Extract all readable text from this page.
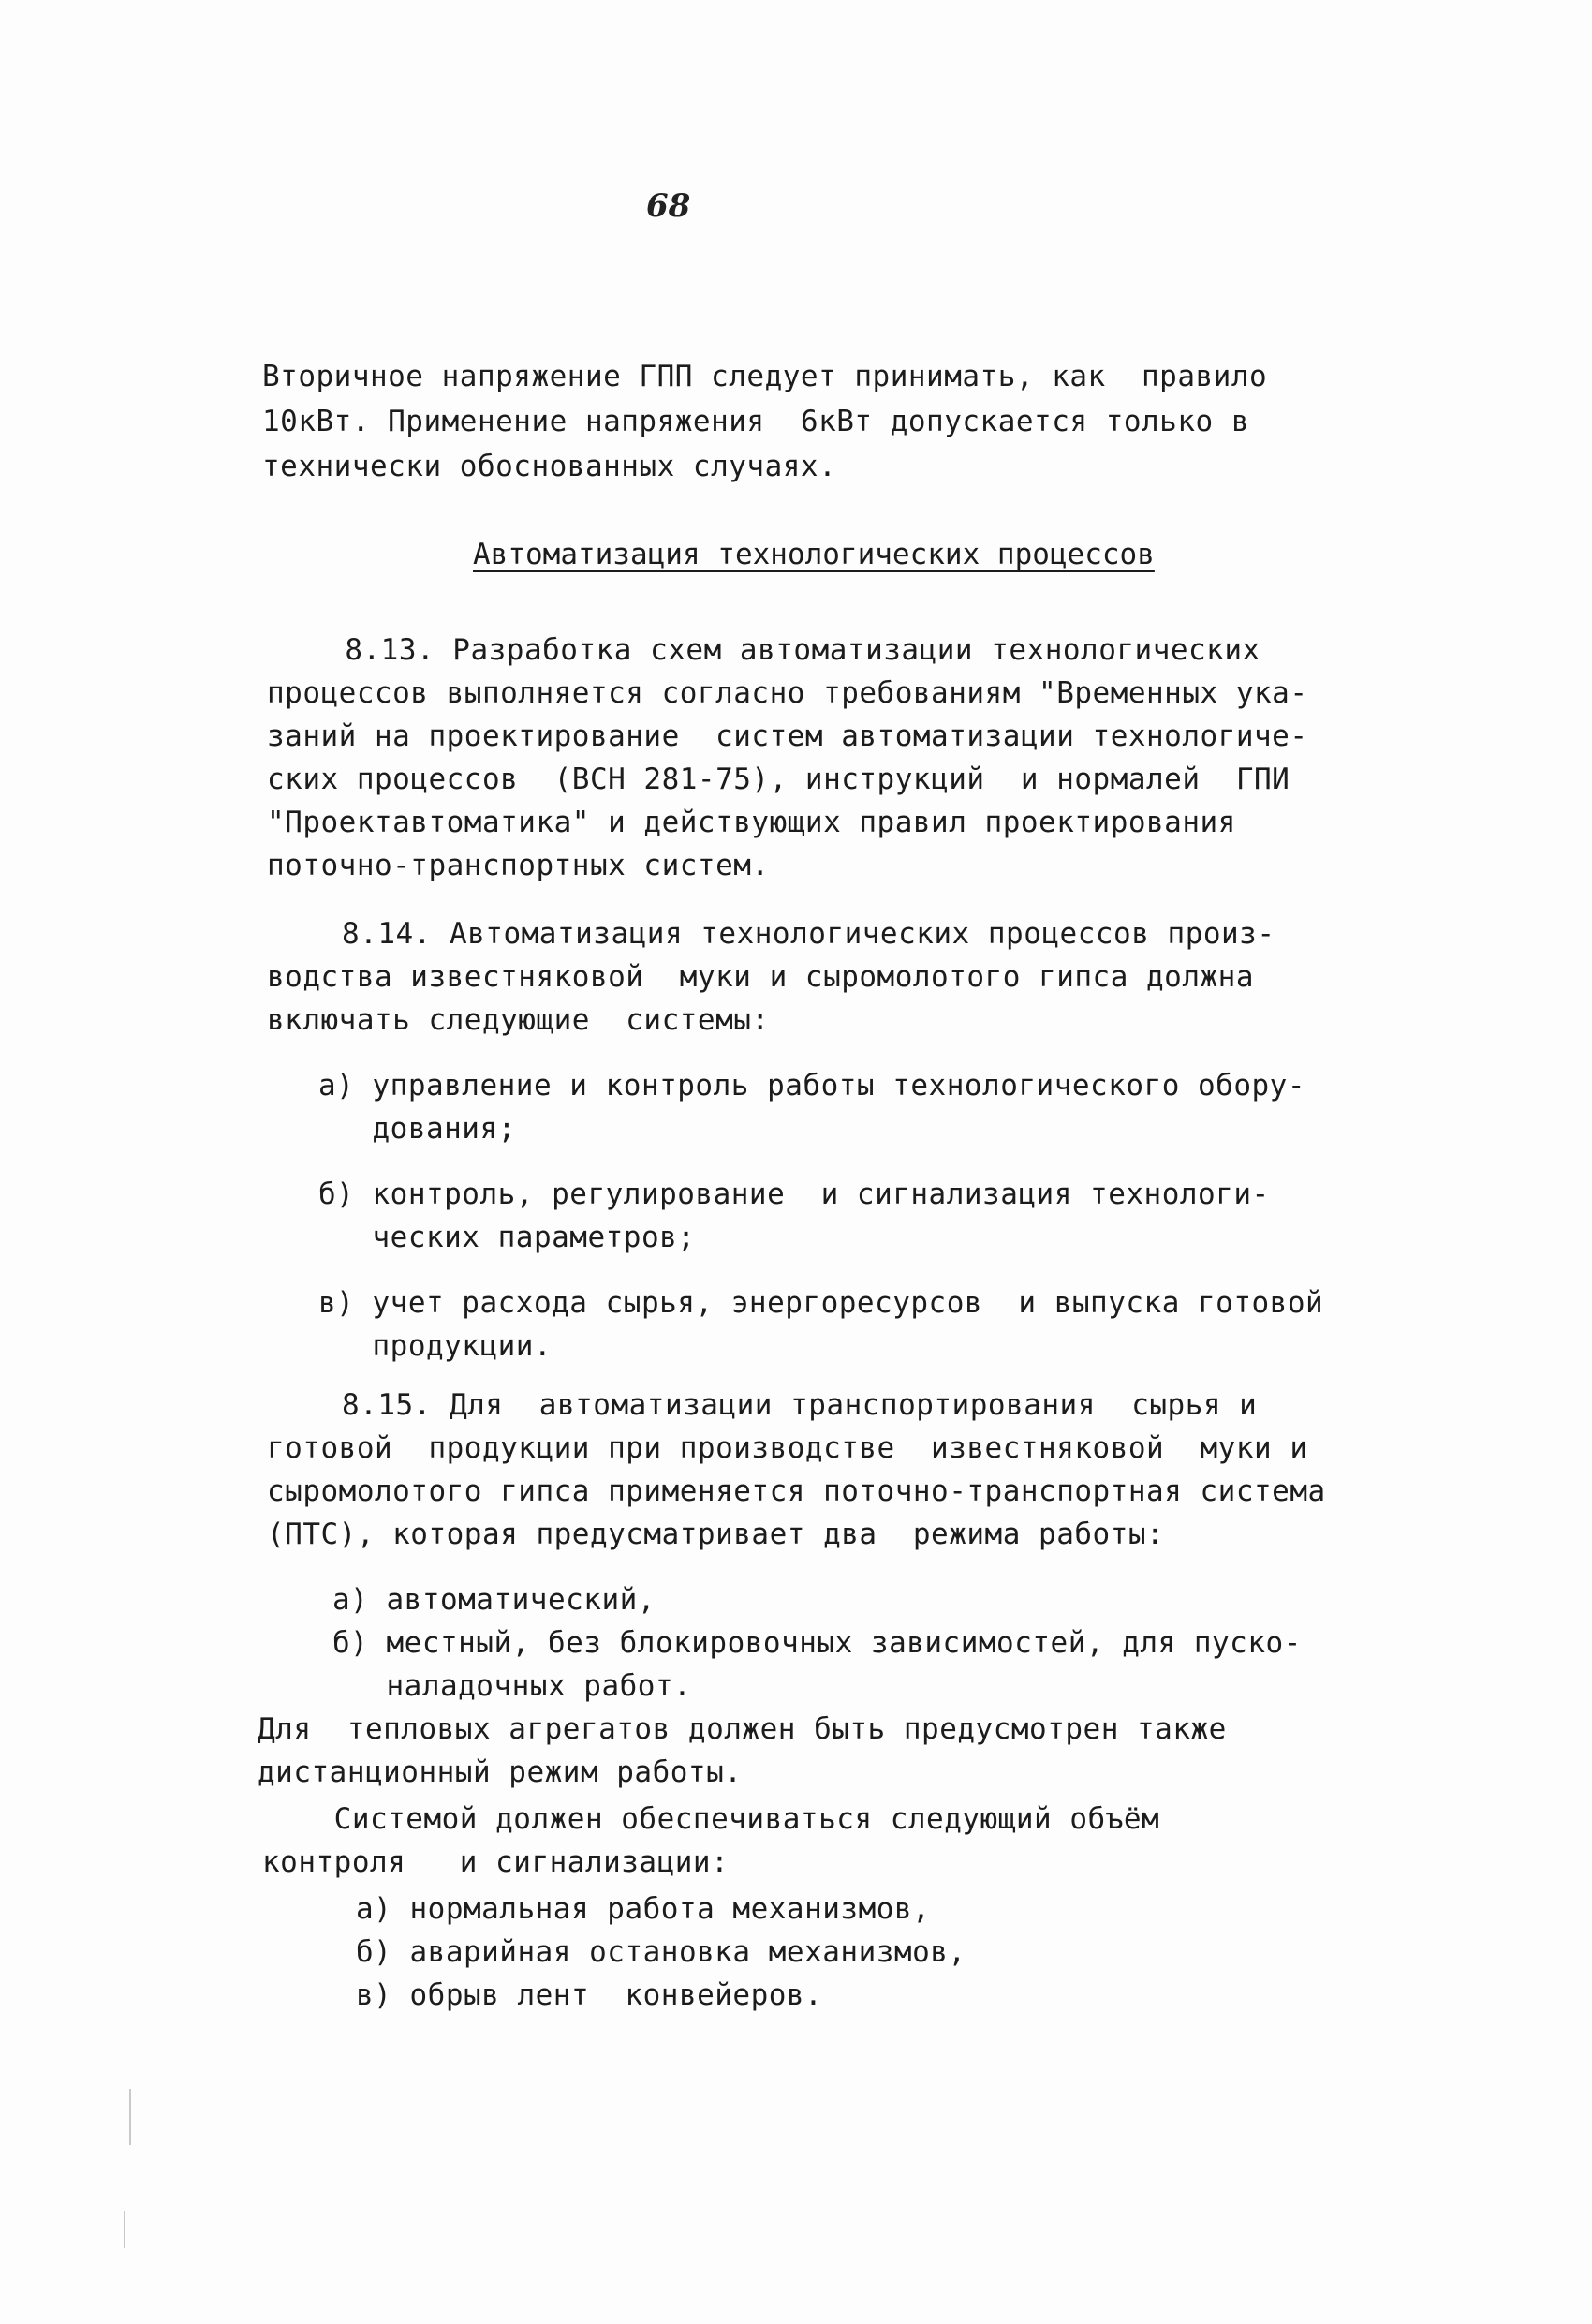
68
Вторичное напряжение ГПП следует принимать, как  правило
10кВт. Применение напряжения  6кВт допускается только в
технически обоснованных случаях.
Автоматизация технологических процессов
8.13. Разработка схем автоматизации технологических
процессов выполняется согласно требованиям "Временных ука-
заний на проектирование  систем автоматизации технологиче-
ских процессов  (ВСН 281-75), инструкций  и нормалей  ГПИ
"Проектавтоматика" и действующих правил проектирования
поточно-транспортных систем.
8.14. Автоматизация технологических процессов произ-
водства известняковой  муки и сыромолотого гипса должна
включать следующие  системы:
а) управление и контроль работы технологического обору-
дования;
б) контроль, регулирование  и сигнализация технологи-
ческих параметров;
в) учет расхода сырья, энергоресурсов  и выпуска готовой
продукции.
8.15. Для  автоматизации транспортирования  сырья и
готовой  продукции при производстве  известняковой  муки и
сыромолотого гипса применяется поточно-транспортная система
(ПТС), которая предусматривает два  режима работы:
а) автоматический,
б) местный, без блокировочных зависимостей, для пуско-
наладочных работ.
Для  тепловых агрегатов должен быть предусмотрен также
дистанционный режим работы.
Системой должен обеспечиваться следующий объём
контроля   и сигнализации:
а) нормальная работа механизмов,
б) аварийная остановка механизмов,
в) обрыв лент  конвейеров.
